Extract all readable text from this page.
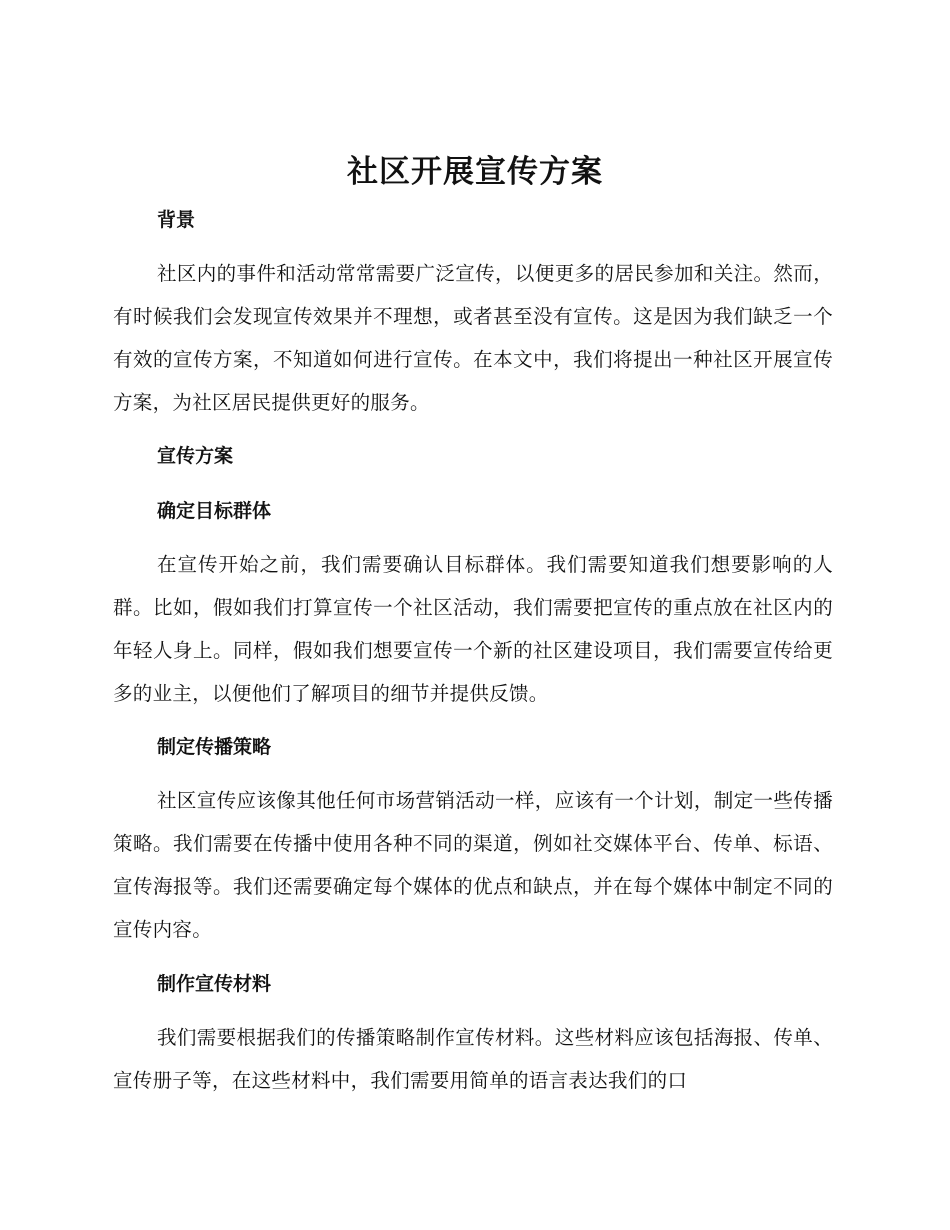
社区开展宣传方案
背景

社区内的事件和活动常常需要广泛宣传，以便更多的居民参加和关注。然而，有时候我们会发现宣传效果并不理想，或者甚至没有宣传。这是因为我们缺乏一个有效的宣传方案，不知道如何进行宣传。在本文中，我们将提出一种社区开展宣传方案，为社区居民提供更好的服务。

宣传方案
确定目标群体

在宣传开始之前，我们需要确认目标群体。我们需要知道我们想要影响的人群。比如，假如我们打算宣传一个社区活动，我们需要把宣传的重点放在社区内的年轻人身上。同样，假如我们想要宣传一个新的社区建设项目，我们需要宣传给更多的业主，以便他们了解项目的细节并提供反馈。

制定传播策略

社区宣传应该像其他任何市场营销活动一样，应该有一个计划，制定一些传播策略。我们需要在传播中使用各种不同的渠道，例如社交媒体平台、传单、标语、宣传海报等。我们还需要确定每个媒体的优点和缺点，并在每个媒体中制定不同的宣传内容。

制作宣传材料

我们需要根据我们的传播策略制作宣传材料。这些材料应该包括海报、传单、宣传册子等，在这些材料中，我们需要用简单的语言表达我们的口
